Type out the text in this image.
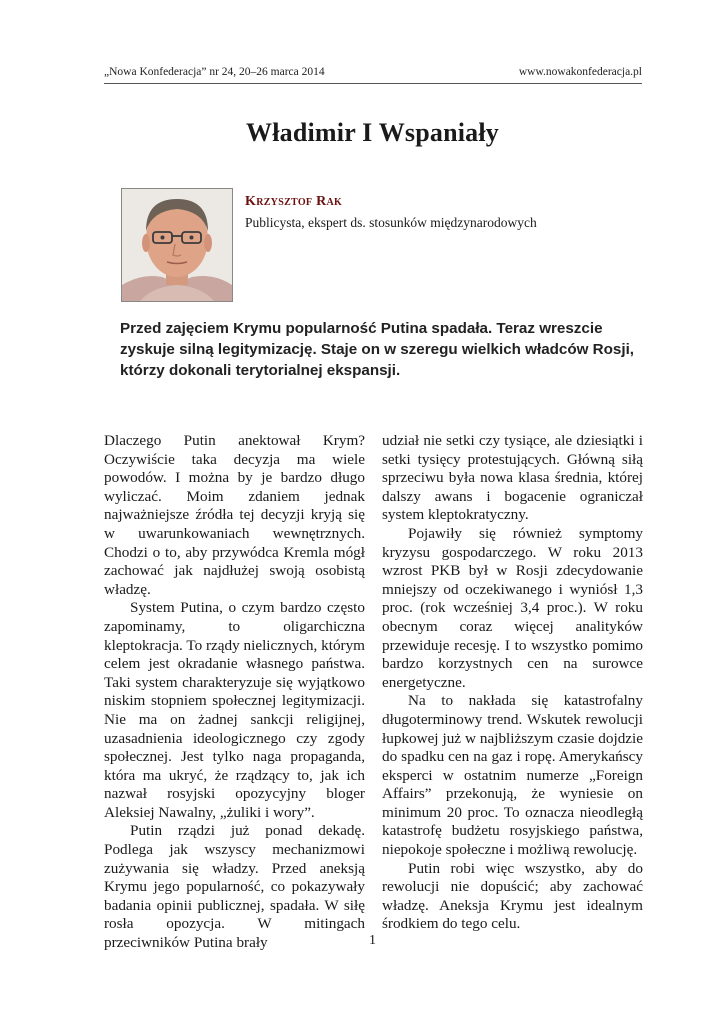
„Nowa Konfederacja” nr 24, 20–26 marca 2014	www.nowakonfederacja.pl
Władimir I Wspaniały
Krzysztof Rak
Publicysta, ekspert ds. stosunków międzynarodowych
Przed zajęciem Krymu popularność Putina spadała. Teraz wreszcie zyskuje silną legitymizację. Staje on w szeregu wielkich władców Rosji, którzy dokonali terytorialnej ekspansji.

Dlaczego Putin anektował Krym? Oczywiście taka decyzja ma wiele powodów. I można by je bardzo długo wyliczać. Moim zdaniem jednak najważniejsze źródła tej decyzji kryją się w uwarunkowaniach wewnętrznych. Chodzi o to, aby przywódca Kremla mógł zachować jak najdłużej swoją osobistą władzę.

System Putina, o czym bardzo często zapominamy, to oligarchiczna kleptokracja. To rządy nielicznych, którym celem jest okradanie własnego państwa. Taki system charakteryzuje się wyjątkowo niskim stopniem społecznej legitymizacji. Nie ma on żadnej sankcji religijnej, uzasadnienia ideologicznego czy zgody społecznej. Jest tylko naga propaganda, która ma ukryć, że rządzący to, jak ich nazwał rosyjski opozycyjny bloger Aleksiej Nawalny, „żuliki i wory”.

Putin rządzi już ponad dekadę. Podlega jak wszyscy mechanizmowi zużywania się władzy. Przed aneksją Krymu jego popularność, co pokazywały badania opinii publicznej, spadała. W siłę rosła opozycja. W mitingach przeciwników Putina brały

udział nie setki czy tysiące, ale dziesiątki i setki tysięcy protestujących. Główną siłą sprzeciwu była nowa klasa średnia, której dalszy awans i bogacenie ograniczał system kleptokratyczny.

Pojawiły się również symptomy kryzysu gospodarczego. W roku 2013 wzrost PKB był w Rosji zdecydowanie mniejszy od oczekiwanego i wyniósł 1,3 proc. (rok wcześniej 3,4 proc.). W roku obecnym coraz więcej analityków przewiduje recesję. I to wszystko pomimo bardzo korzystnych cen na surowce energetyczne.

Na to nakłada się katastrofalny długoterminowy trend. Wskutek rewolucji łupkowej już w najbliższym czasie dojdzie do spadku cen na gaz i ropę. Amerykańscy eksperci w ostatnim numerze „Foreign Affairs” przekonują, że wyniesie on minimum 20 proc. To oznacza nieodległą katastrofę budżetu rosyjskiego państwa, niepokoje społeczne i możliwą rewolucję.

Putin robi więc wszystko, aby do rewolucji nie dopuścić; aby zachować władzę. Aneksja Krymu jest idealnym środkiem do tego celu.

1
